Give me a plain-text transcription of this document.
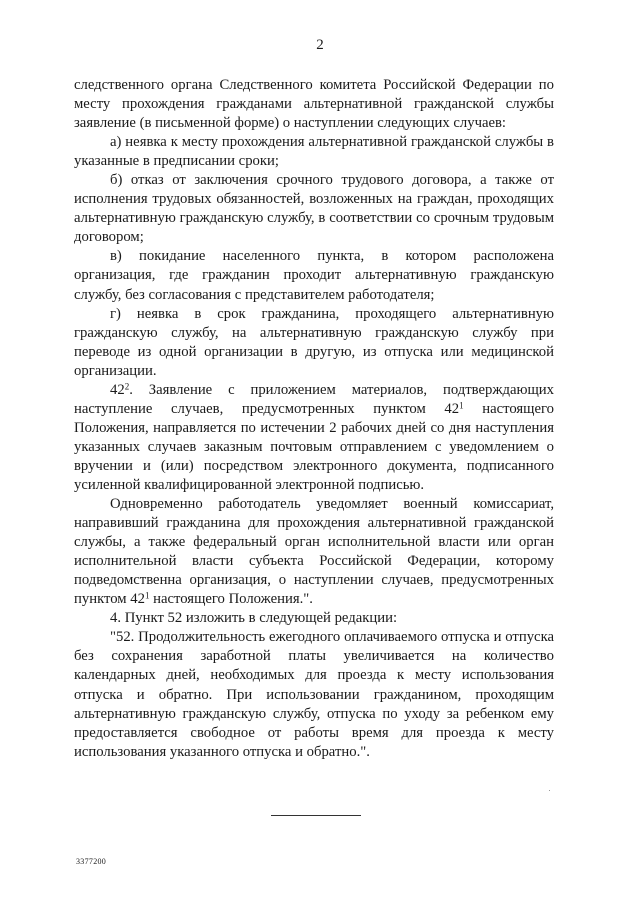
2

следственного органа Следственного комитета Российской Федерации по месту прохождения гражданами альтернативной гражданской службы заявление (в письменной форме) о наступлении следующих случаев:

а) неявка к месту прохождения альтернативной гражданской службы в указанные в предписании сроки;

б) отказ от заключения срочного трудового договора, а также от исполнения трудовых обязанностей, возложенных на граждан, проходящих альтернативную гражданскую службу, в соответствии со срочным трудовым договором;

в) покидание населенного пункта, в котором расположена организация, где гражданин проходит альтернативную гражданскую службу, без согласования с представителем работодателя;

г) неявка в срок гражданина, проходящего альтернативную гражданскую службу, на альтернативную гражданскую службу при переводе из одной организации в другую, из отпуска или медицинской организации.

$42^2$. Заявление с приложением материалов, подтверждающих наступление случаев, предусмотренных пунктом $42^1$ настоящего Положения, направляется по истечении 2 рабочих дней со дня наступления указанных случаев заказным почтовым отправлением с уведомлением о вручении и (или) посредством электронного документа, подписанного усиленной квалифицированной электронной подписью.

Одновременно работодатель уведомляет военный комиссариат, направивший гражданина для прохождения альтернативной гражданской службы, а также федеральный орган исполнительной власти или орган исполнительной власти субъекта Российской Федерации, которому подведомственна организация, о наступлении случаев, предусмотренных пунктом $42^1$ настоящего Положения.".

4. Пункт 52 изложить в следующей редакции:

"52. Продолжительность ежегодного оплачиваемого отпуска и отпуска без сохранения заработной платы увеличивается на количество календарных дней, необходимых для проезда к месту использования отпуска и обратно. При использовании гражданином, проходящим альтернативную гражданскую службу, отпуска по уходу за ребенком ему предоставляется свободное от работы время для проезда к месту использования указанного отпуска и обратно.".

3377200
